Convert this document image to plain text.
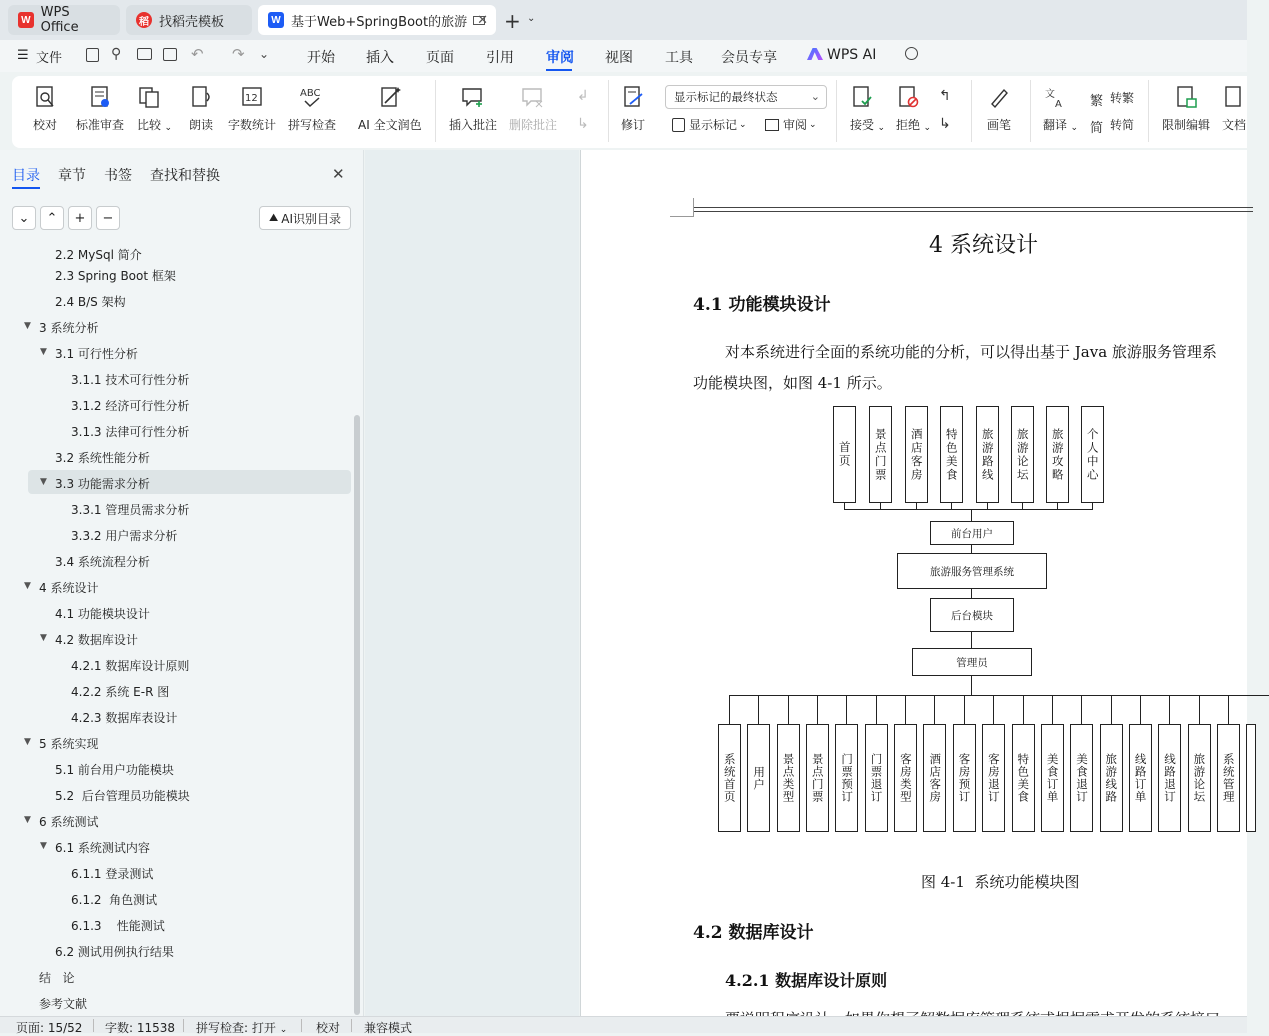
W WPS Office	稻 找稻壳模板	W 基于Web+SpringBoot的旅游 ✕ + ⌄
☰ 文件	⚲	↶ ↷ ⌄	开始 插入 页面 引用 审阅 视图 工具 会员专享	WPS AI
校对 标准审查 比较 ⌄ 朗读
12
字数统计
ABC
拼写检查 AI 全文润色 插入批注 删除批注
↲
↳	修订
显示标记的最终状态	⌄
显示标记 ⌄	审阅 ⌄	接受 ⌄ 拒绝 ⌄
↰
↳	画笔
文
A
翻译 ⌄
繁 转繁
简 转简 限制编辑 文档
目录 章节 书签 查找和替换	✕
⌄ ⌃ + −	⛰ AI识别目录
2.2 MySql 简介
2.3 Spring Boot 框架
2.4 B/S 架构
3 系统分析
▼
3.1 可行性分析
▼
3.1.1 技术可行性分析
3.1.2 经济可行性分析
3.1.3 法律可行性分析
3.2 系统性能分析
3.3 功能需求分析
▼
3.3.1 管理员需求分析
3.3.2 用户需求分析
3.4 系统流程分析
4 系统设计
▼
4.1 功能模块设计
4.2 数据库设计
▼
4.2.1 数据库设计原则
4.2.2 系统 E-R 图
4.2.3 数据库表设计
5 系统实现
▼
5.1 前台用户功能模块
5.2  后台管理员功能模块
6 系统测试
▼
6.1 系统测试内容
▼
6.1.1 登录测试
6.1.2  角色测试
6.1.3    性能测试
6.2 测试用例执行结果
结   论
参考文献
4 系统设计
4.1 功能模块设计
对本系统进行全面的系统功能的分析，可以得出基于 Java 旅游服务管理系
功能模块图，如图 4-1 所示。
首页	景点门票	酒店客房	特色美食	旅游路线	旅游论坛	旅游攻略	个人中心
前台用户
旅游服务管理系统
后台模块
管理员
系统首页	用户	景点类型	景点门票	门票预订	门票退订	客房类型	酒店客房	客房预订	客房退订	特色美食	美食订单	美食退订	旅游线路	线路订单	线路退订	旅游论坛	系统管理
图 4-1  系统功能模块图
4.2 数据库设计
4.2.1 数据库设计原则
页面: 15/52 字数: 11538 拼写检查: 打开 ⌄ 校对 兼容模式
